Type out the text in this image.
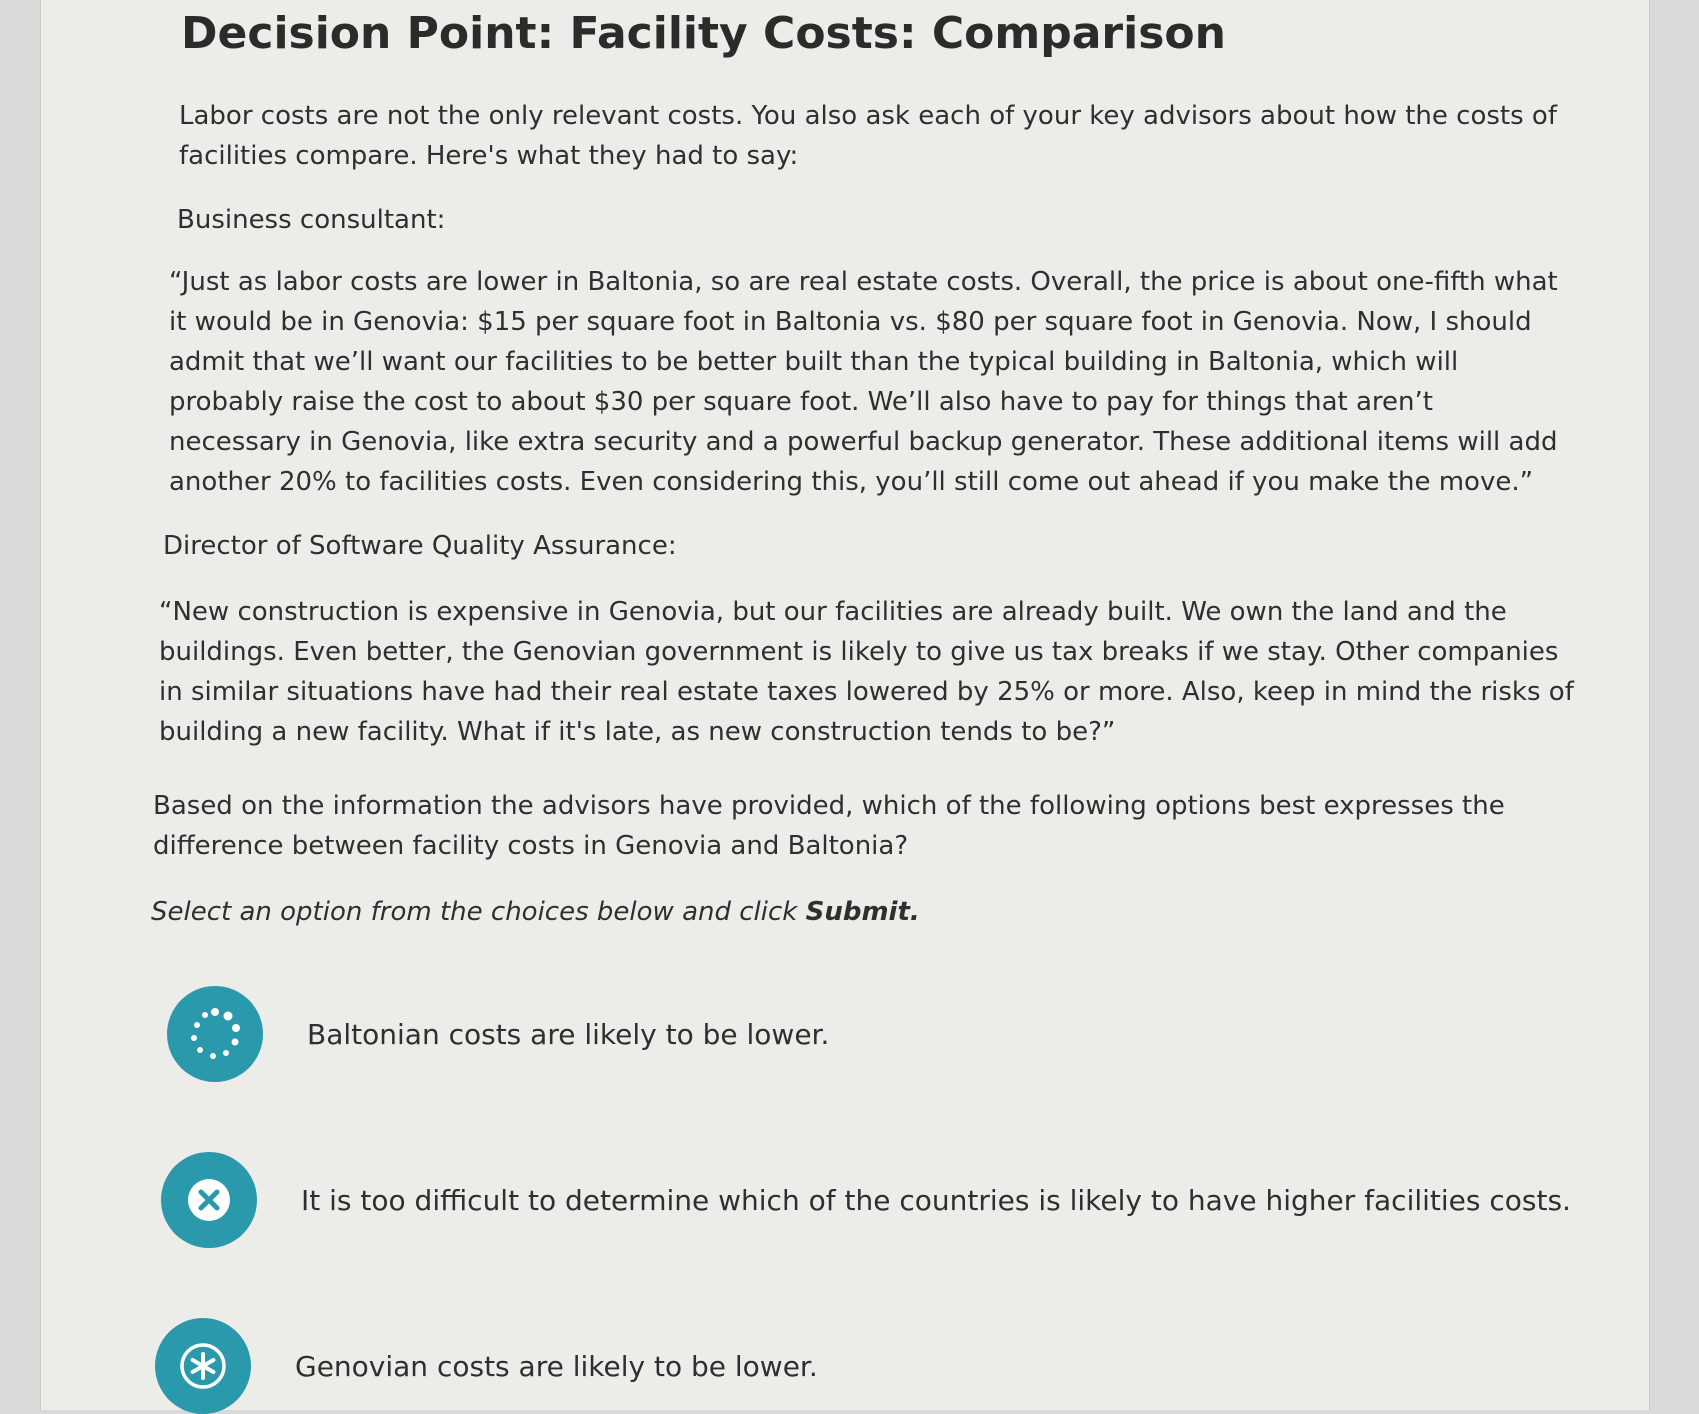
Decision Point: Facility Costs: Comparison

Labor costs are not the only relevant costs. You also ask each of your key advisors about how the costs of facilities compare. Here's what they had to say:

Business consultant:

“Just as labor costs are lower in Baltonia, so are real estate costs. Overall, the price is about one-fifth what it would be in Genovia: $15 per square foot in Baltonia vs. $80 per square foot in Genovia. Now, I should admit that we’ll want our facilities to be better built than the typical building in Baltonia, which will probably raise the cost to about $30 per square foot. We’ll also have to pay for things that aren’t necessary in Genovia, like extra security and a powerful backup generator. These additional items will add another 20% to facilities costs. Even considering this, you’ll still come out ahead if you make the move.”

Director of Software Quality Assurance:

“New construction is expensive in Genovia, but our facilities are already built. We own the land and the buildings. Even better, the Genovian government is likely to give us tax breaks if we stay. Other companies in similar situations have had their real estate taxes lowered by 25% or more. Also, keep in mind the risks of building a new facility. What if it's late, as new construction tends to be?”

Based on the information the advisors have provided, which of the following options best expresses the difference between facility costs in Genovia and Baltonia?

Select an option from the choices below and click Submit.

Baltonian costs are likely to be lower.
It is too difficult to determine which of the countries is likely to have higher facilities costs.
Genovian costs are likely to be lower.
